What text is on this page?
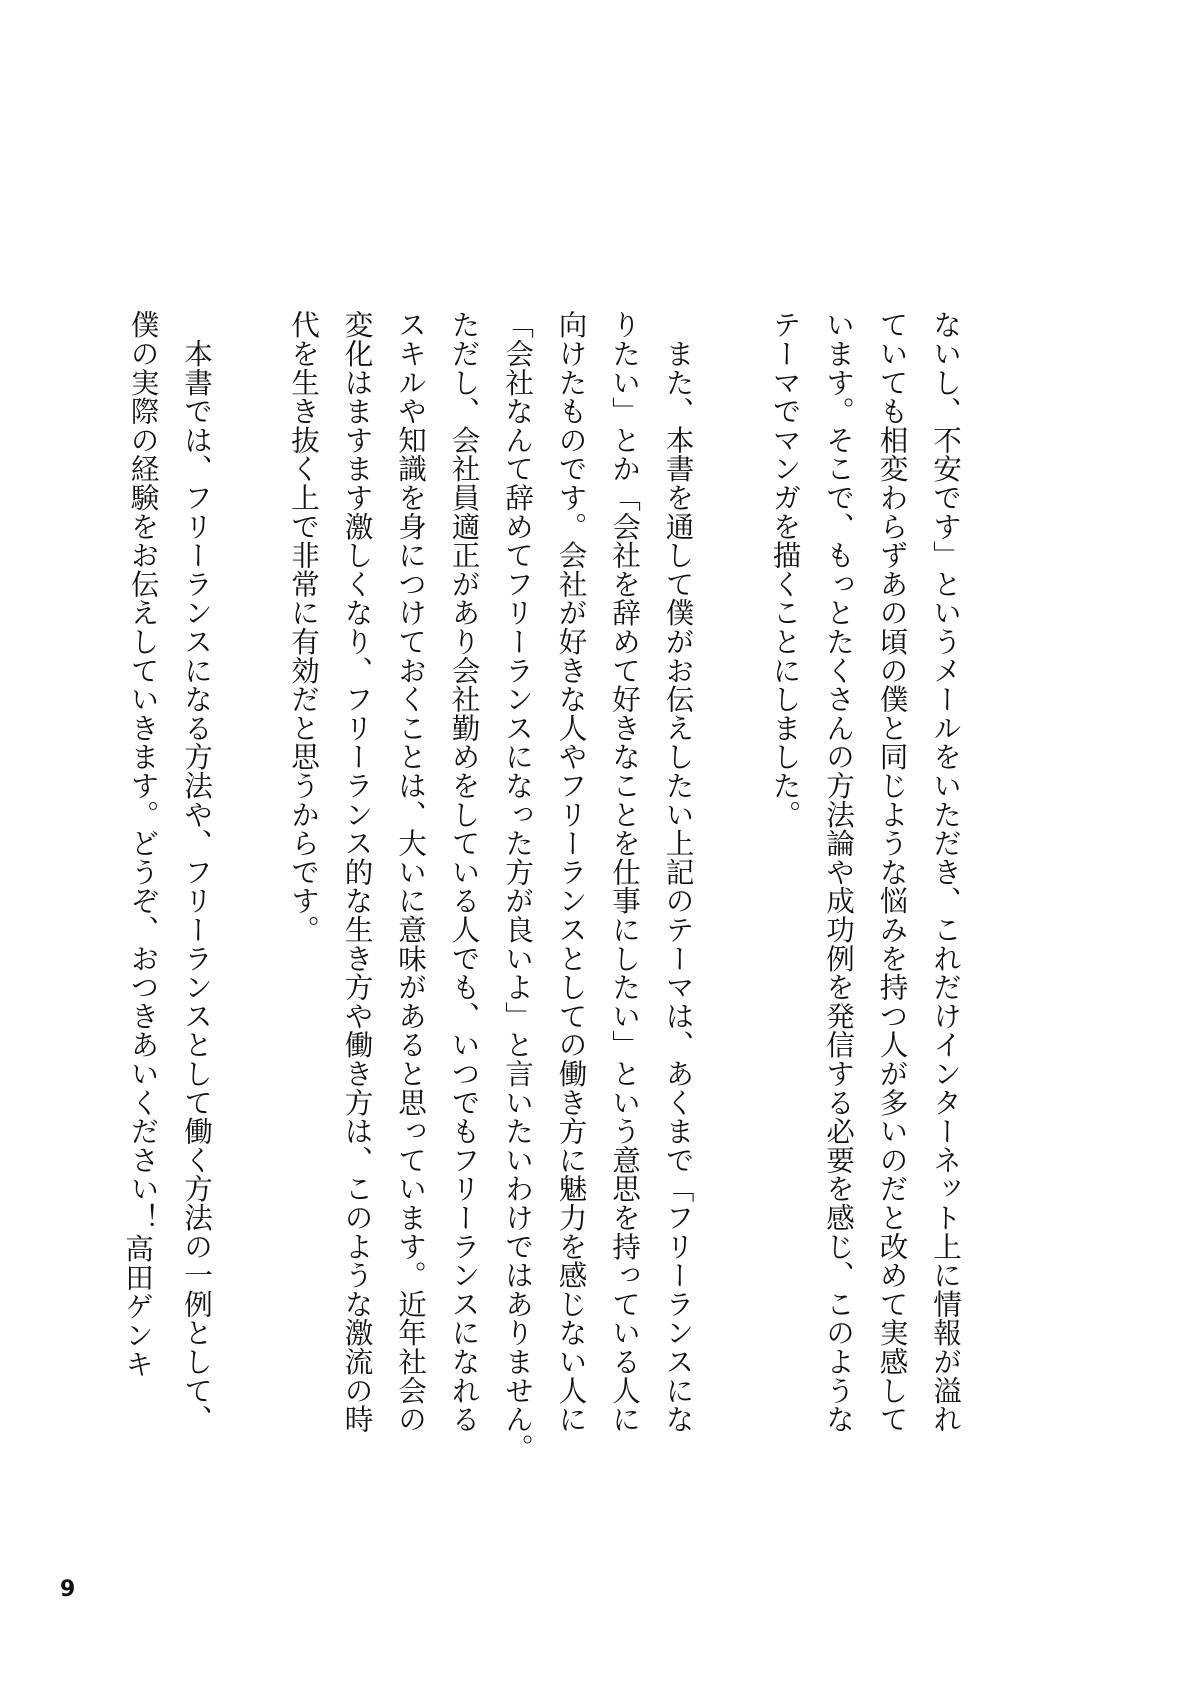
ないし、不安です」というメールをいただき、これだけインターネット上に情報が溢れ

ていても相変わらずあの頃の僕と同じような悩みを持つ人が多いのだと改めて実感して

います。そこで、もっとたくさんの方法論や成功例を発信する必要を感じ、このような

テーマでマンガを描くことにしました。

　また、本書を通して僕がお伝えしたい上記のテーマは、あくまで「フリーランスにな

りたい」とか「会社を辞めて好きなことを仕事にしたい」という意思を持っている人に

向けたものです。会社が好きな人やフリーランスとしての働き方に魅力を感じない人に

「会社なんて辞めてフリーランスになった方が良いよ」と言いたいわけではありません。

ただし、会社員適正があり会社勤めをしている人でも、いつでもフリーランスになれる

スキルや知識を身につけておくことは、大いに意味があると思っています。近年社会の

変化はますます激しくなり、フリーランス的な生き方や働き方は、このような激流の時

代を生き抜く上で非常に有効だと思うからです。

　本書では、フリーランスになる方法や、フリーランスとして働く方法の一例として、

僕の実際の経験をお伝えしていきます。どうぞ、おつきあいください！

高田ゲンキ
9
